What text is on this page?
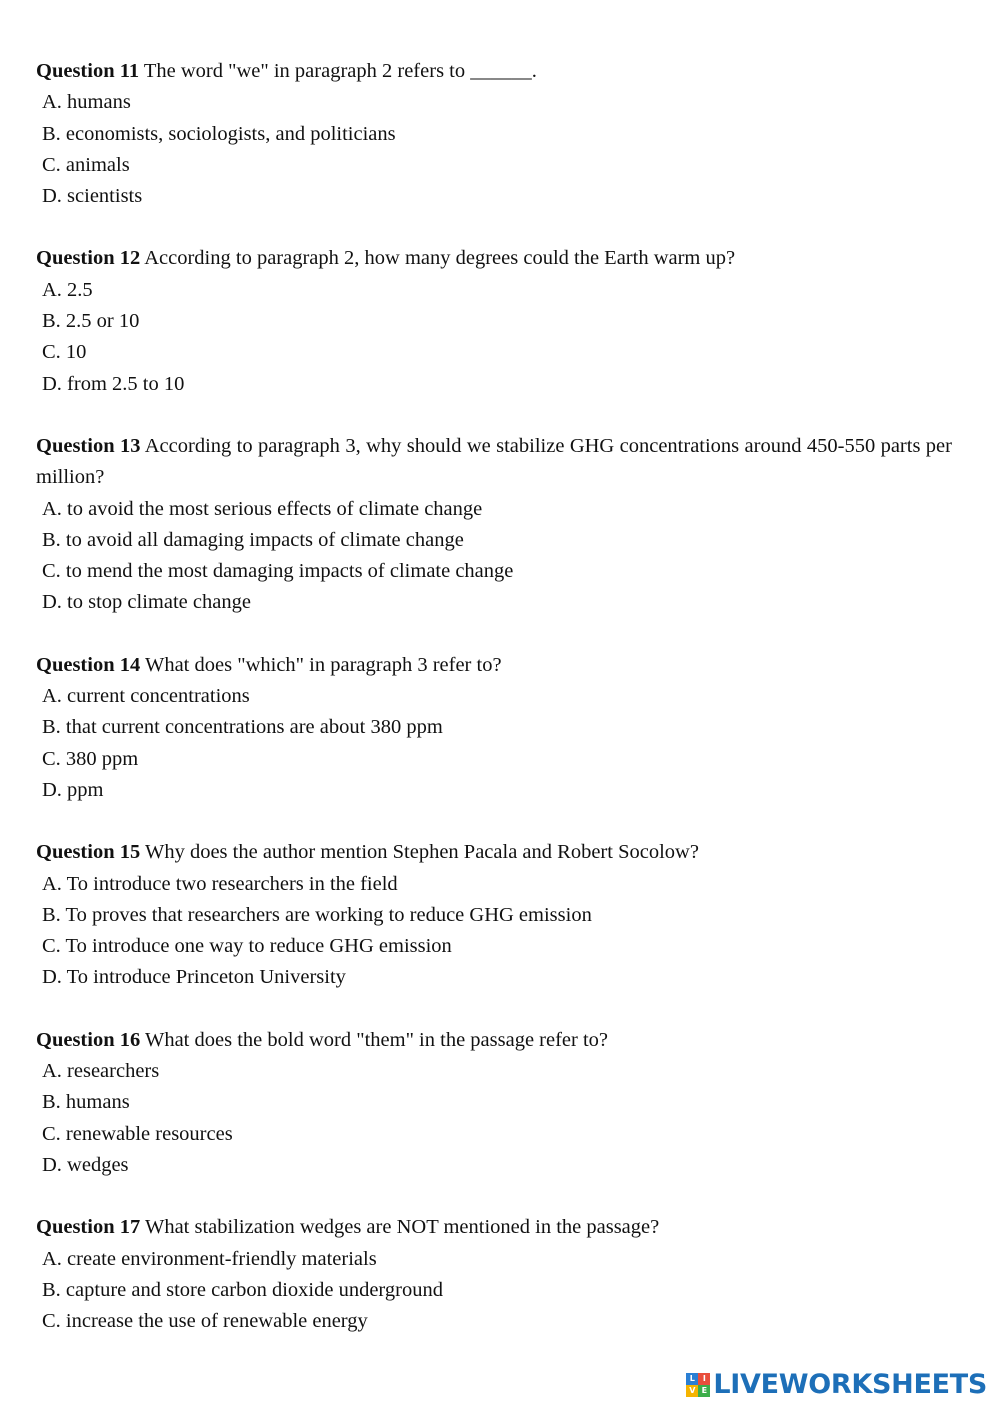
Question 11 The word "we" in paragraph 2 refers to ______.

A. humans
B. economists, sociologists, and politicians
C. animals
D. scientists

Question 12 According to paragraph 2, how many degrees could the Earth warm up?

A. 2.5
B. 2.5 or 10
C. 10
D. from 2.5 to 10

Question 13 According to paragraph 3, why should we stabilize GHG concentrations around 450-550 parts per million?

A. to avoid the most serious effects of climate change
B. to avoid all damaging impacts of climate change
C. to mend the most damaging impacts of climate change
D. to stop climate change

Question 14 What does "which" in paragraph 3 refer to?

A. current concentrations
B. that current concentrations are about 380 ppm
C. 380 ppm
D. ppm

Question 15 Why does the author mention Stephen Pacala and Robert Socolow?

A. To introduce two researchers in the field
B. To proves that researchers are working to reduce GHG emission
C. To introduce one way to reduce GHG emission
D. To introduce Princeton University

Question 16 What does the bold word "them" in the passage refer to?

A. researchers
B. humans
C. renewable resources
D. wedges

Question 17 What stabilization wedges are NOT mentioned in the passage?

A. create environment-friendly materials
B. capture and store carbon dioxide underground
C. increase the use of renewable energy
L I
V E LIVEWORKSHEETS
